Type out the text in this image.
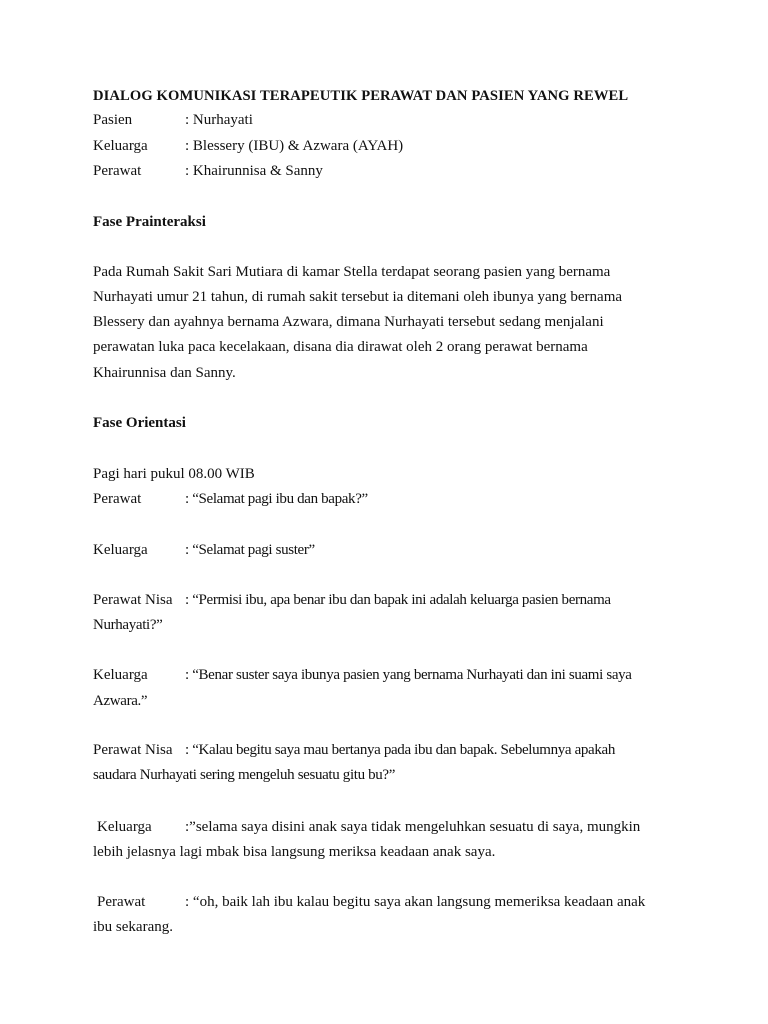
DIALOG KOMUNIKASI TERAPEUTIK PERAWAT DAN PASIEN YANG REWEL
Pasien	: Nurhayati
Keluarga : Blessery (IBU) & Azwara (AYAH)
Perawat	: Khairunnisa & Sanny
Fase Prainteraksi
Pada Rumah Sakit Sari Mutiara di kamar Stella terdapat seorang pasien yang bernama
Nurhayati umur 21 tahun, di rumah sakit tersebut ia ditemani oleh ibunya yang bernama
Blessery dan ayahnya bernama Azwara, dimana Nurhayati tersebut sedang menjalani
perawatan luka paca kecelakaan, disana dia dirawat oleh 2 orang perawat bernama
Khairunnisa dan Sanny.
Fase Orientasi
Pagi hari pukul 08.00 WIB
Perawat	: “Selamat pagi ibu dan bapak?”
Keluarga : “Selamat pagi suster”
Perawat Nisa : “Permisi ibu, apa benar ibu dan bapak ini adalah keluarga pasien bernama
Nurhayati?”
Keluarga : “Benar suster saya ibunya pasien yang bernama Nurhayati dan ini suami saya
Azwara.”
Perawat Nisa : “Kalau begitu saya mau bertanya pada ibu dan bapak. Sebelumnya apakah
saudara Nurhayati sering mengeluh sesuatu gitu bu?”
Keluarga :”selama saya disini anak saya tidak mengeluhkan sesuatu di saya, mungkin
lebih jelasnya lagi mbak bisa langsung meriksa keadaan anak saya.
Perawat	: “oh, baik lah ibu kalau begitu saya akan langsung memeriksa keadaan anak
ibu sekarang.
